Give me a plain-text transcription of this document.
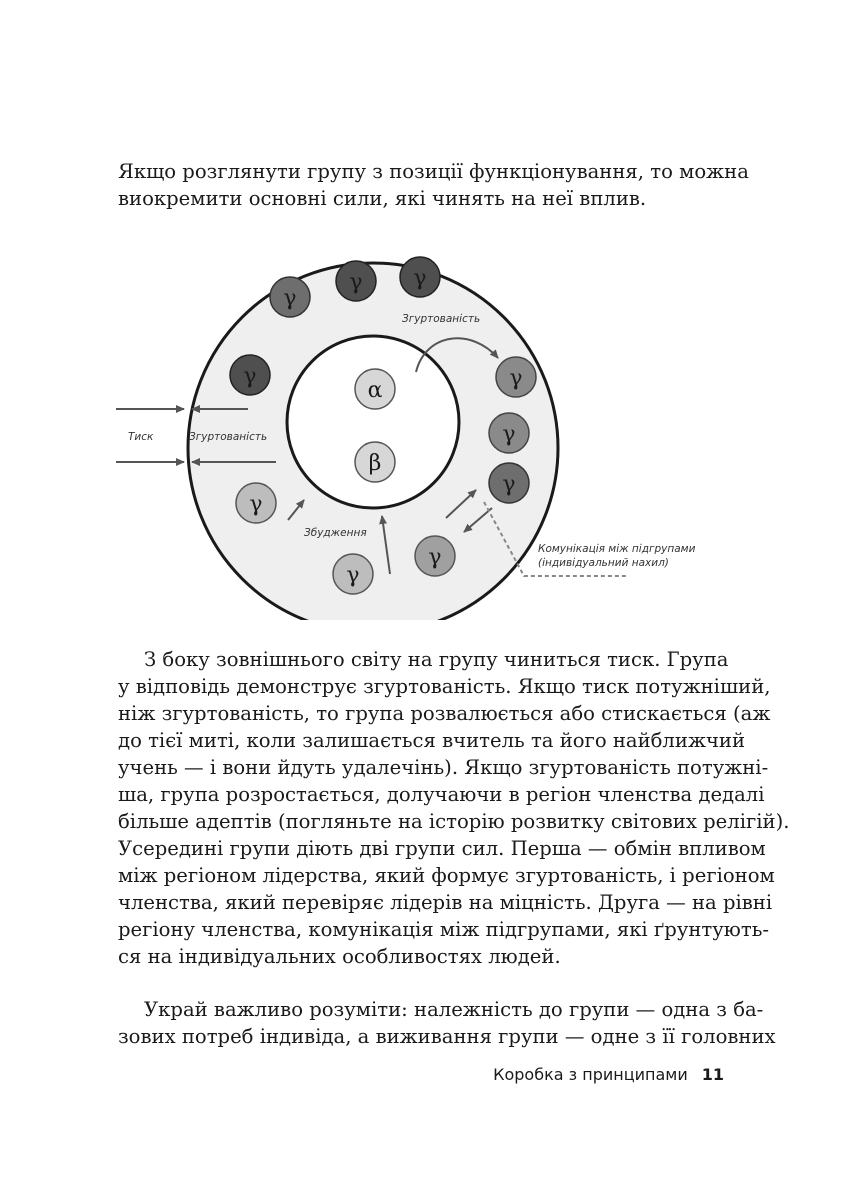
Якщо розглянути групу з позиції функціонування, то можна
виокремити основні сили, які чинять на неї вплив.
α
β
γ
γ γ
γ	γ
γ
γ
γ
γ
γ
Тиск	Згуртованість
Згуртованість
Збудження
Комунікація між підгрупами
(індивідуальний нахил)
З боку зовнішнього світу на групу чиниться тиск. Група
у відповідь демонструє згуртованість. Якщо тиск потужніший,
ніж згуртованість, то група розвалюється або стискається (аж
до тієї миті, коли залишається вчитель та його найближчий
учень — і вони йдуть удалечінь). Якщо згуртованість потужні-
ша, група розростається, долучаючи в регіон членства дедалі
більше адептів (погляньте на історію розвитку світових релігій).
Усередині групи діють дві групи сил. Перша — обмін впливом
між регіоном лідерства, який формує згуртованість, і регіоном
членства, який перевіряє лідерів на міцність. Друга — на рівні
регіону членства, комунікація між підгрупами, які ґрунтують-
ся на індивідуальних особливостях людей.
Украй важливо розуміти: належність до групи — одна з ба-
зових потреб індивіда, а виживання групи — одне з її головних
Коробка з принципами 11
